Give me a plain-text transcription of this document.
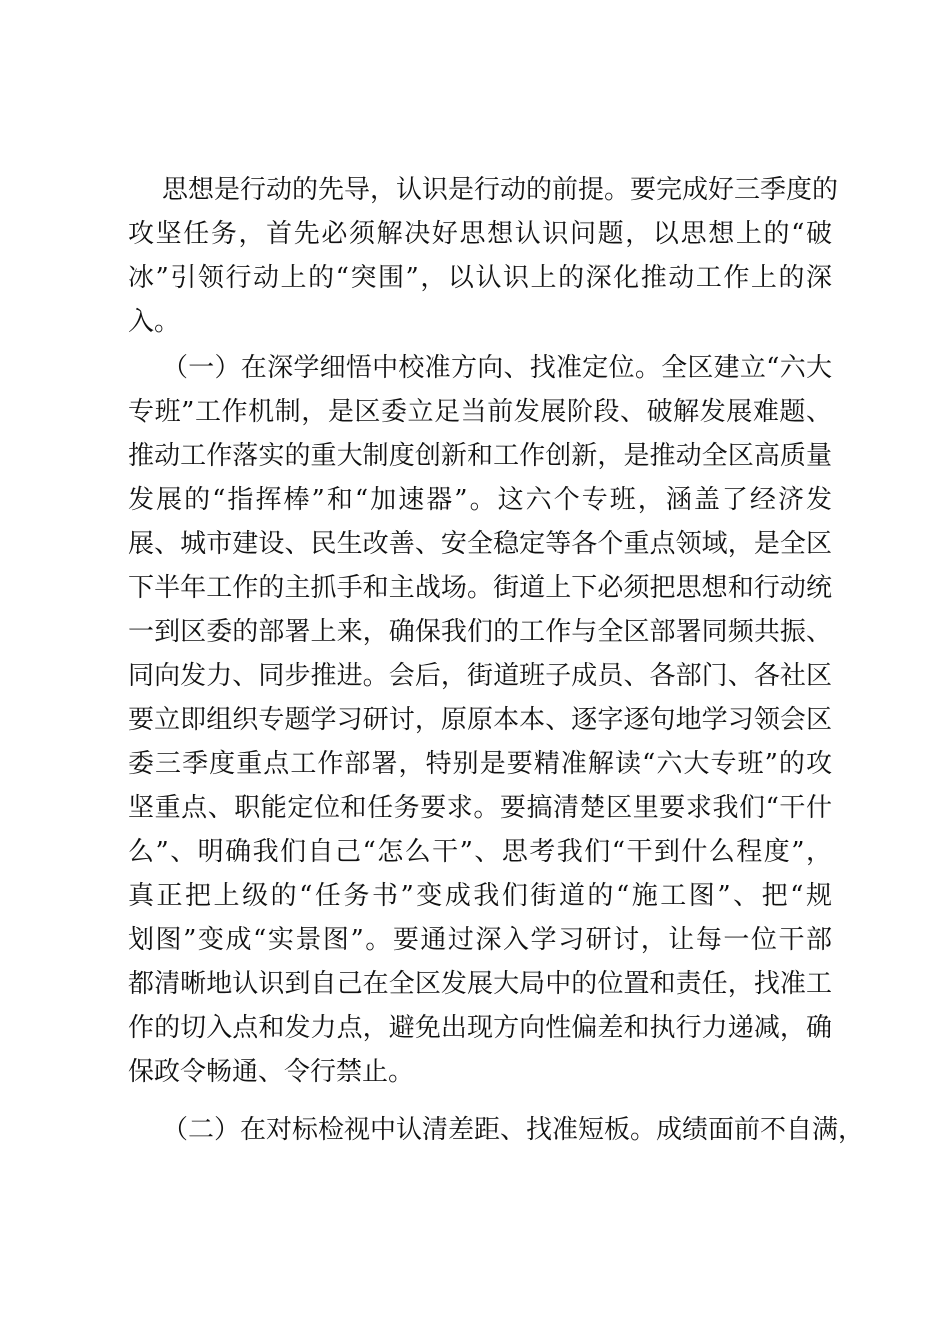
思想是行动的先导，认识是行动的前提。要完成好三季度的
攻坚任务，首先必须解决好思想认识问题，以思想上的“破
冰”引领行动上的“突围”，以认识上的深化推动工作上的深
入。
（一）在深学细悟中校准方向、找准定位。全区建立“六大
专班”工作机制，是区委立足当前发展阶段、破解发展难题、
推动工作落实的重大制度创新和工作创新，是推动全区高质量
发展的“指挥棒”和“加速器”。这六个专班，涵盖了经济发
展、城市建设、民生改善、安全稳定等各个重点领域，是全区
下半年工作的主抓手和主战场。街道上下必须把思想和行动统
一到区委的部署上来，确保我们的工作与全区部署同频共振、
同向发力、同步推进。会后，街道班子成员、各部门、各社区
要立即组织专题学习研讨，原原本本、逐字逐句地学习领会区
委三季度重点工作部署，特别是要精准解读“六大专班”的攻
坚重点、职能定位和任务要求。要搞清楚区里要求我们“干什
么”、明确我们自己“怎么干”、思考我们“干到什么程度”，
真正把上级的“任务书”变成我们街道的“施工图”、把“规
划图”变成“实景图”。要通过深入学习研讨，让每一位干部
都清晰地认识到自己在全区发展大局中的位置和责任，找准工
作的切入点和发力点，避免出现方向性偏差和执行力递减，确
保政令畅通、令行禁止。
（二）在对标检视中认清差距、找准短板。成绩面前不自满，
